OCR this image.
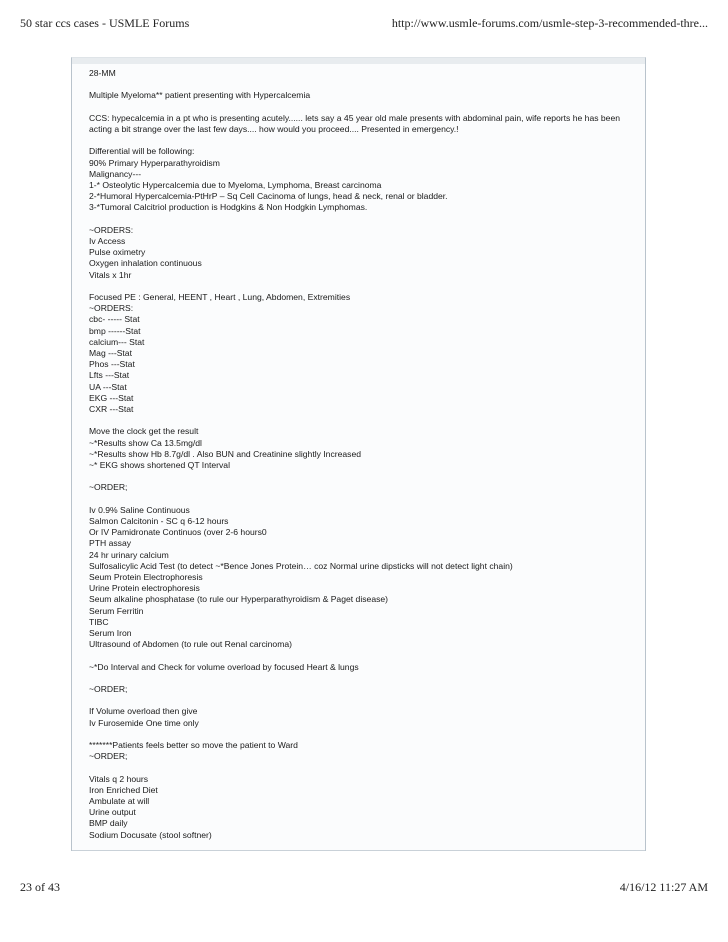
50 star ccs cases - USMLE Forums	http://www.usmle-forums.com/usmle-step-3-recommended-thre...
28-MM
Multiple Myeloma** patient presenting with Hypercalcemia
CCS: hypecalcemia in a pt who is presenting acutely...... lets say a 45 year old male presents with abdominal pain, wife reports he has been acting a bit strange over the last few days.... how would you proceed.... Presented in emergency.!
Differential will be following:
90% Primary Hyperparathyroidism
Malignancy---
1-* Osteolytic Hypercalcemia due to Myeloma, Lymphoma, Breast carcinoma
2-*Humoral Hypercalcemia-PtHrP – Sq Cell Cacinoma of lungs, head & neck, renal or bladder.
3-*Tumoral Calcitriol production is Hodgkins & Non Hodgkin Lymphomas.
~ORDERS:
Iv Access
Pulse oximetry
Oxygen inhalation continuous
Vitals x 1hr
Focused PE : General, HEENT , Heart , Lung, Abdomen, Extremities
~ORDERS:
cbc- ----- Stat
bmp ------Stat
calcium--- Stat
Mag ---Stat
Phos ---Stat
Lfts ---Stat
UA ---Stat
EKG ---Stat
CXR ---Stat
Move the clock get the result
~*Results show Ca 13.5mg/dl
~*Results show Hb 8.7g/dl . Also BUN and Creatinine slightly Increased
~* EKG shows shortened QT Interval
~ORDER;
Iv 0.9% Saline Continuous
Salmon Calcitonin - SC q 6-12 hours
Or IV Pamidronate Continuos (over 2-6 hours0
PTH assay
24 hr urinary calcium
Sulfosalicylic Acid Test (to detect ~*Bence Jones Protein… coz Normal urine dipsticks will not detect light chain)
Seum Protein Electrophoresis
Urine Protein electrophoresis
Seum alkaline phosphatase (to rule our Hyperparathyroidism & Paget disease)
Serum Ferritin
TIBC
Serum Iron
Ultrasound of Abdomen (to rule out Renal carcinoma)
~*Do Interval and Check for volume overload by focused Heart & lungs
~ORDER;
If Volume overload then give
Iv Furosemide One time only
*******Patients feels better so move the patient to Ward
~ORDER;
Vitals q 2 hours
Iron Enriched Diet
Ambulate at will
Urine output
BMP daily
Sodium Docusate (stool softner)
23 of 43	4/16/12 11:27 AM
